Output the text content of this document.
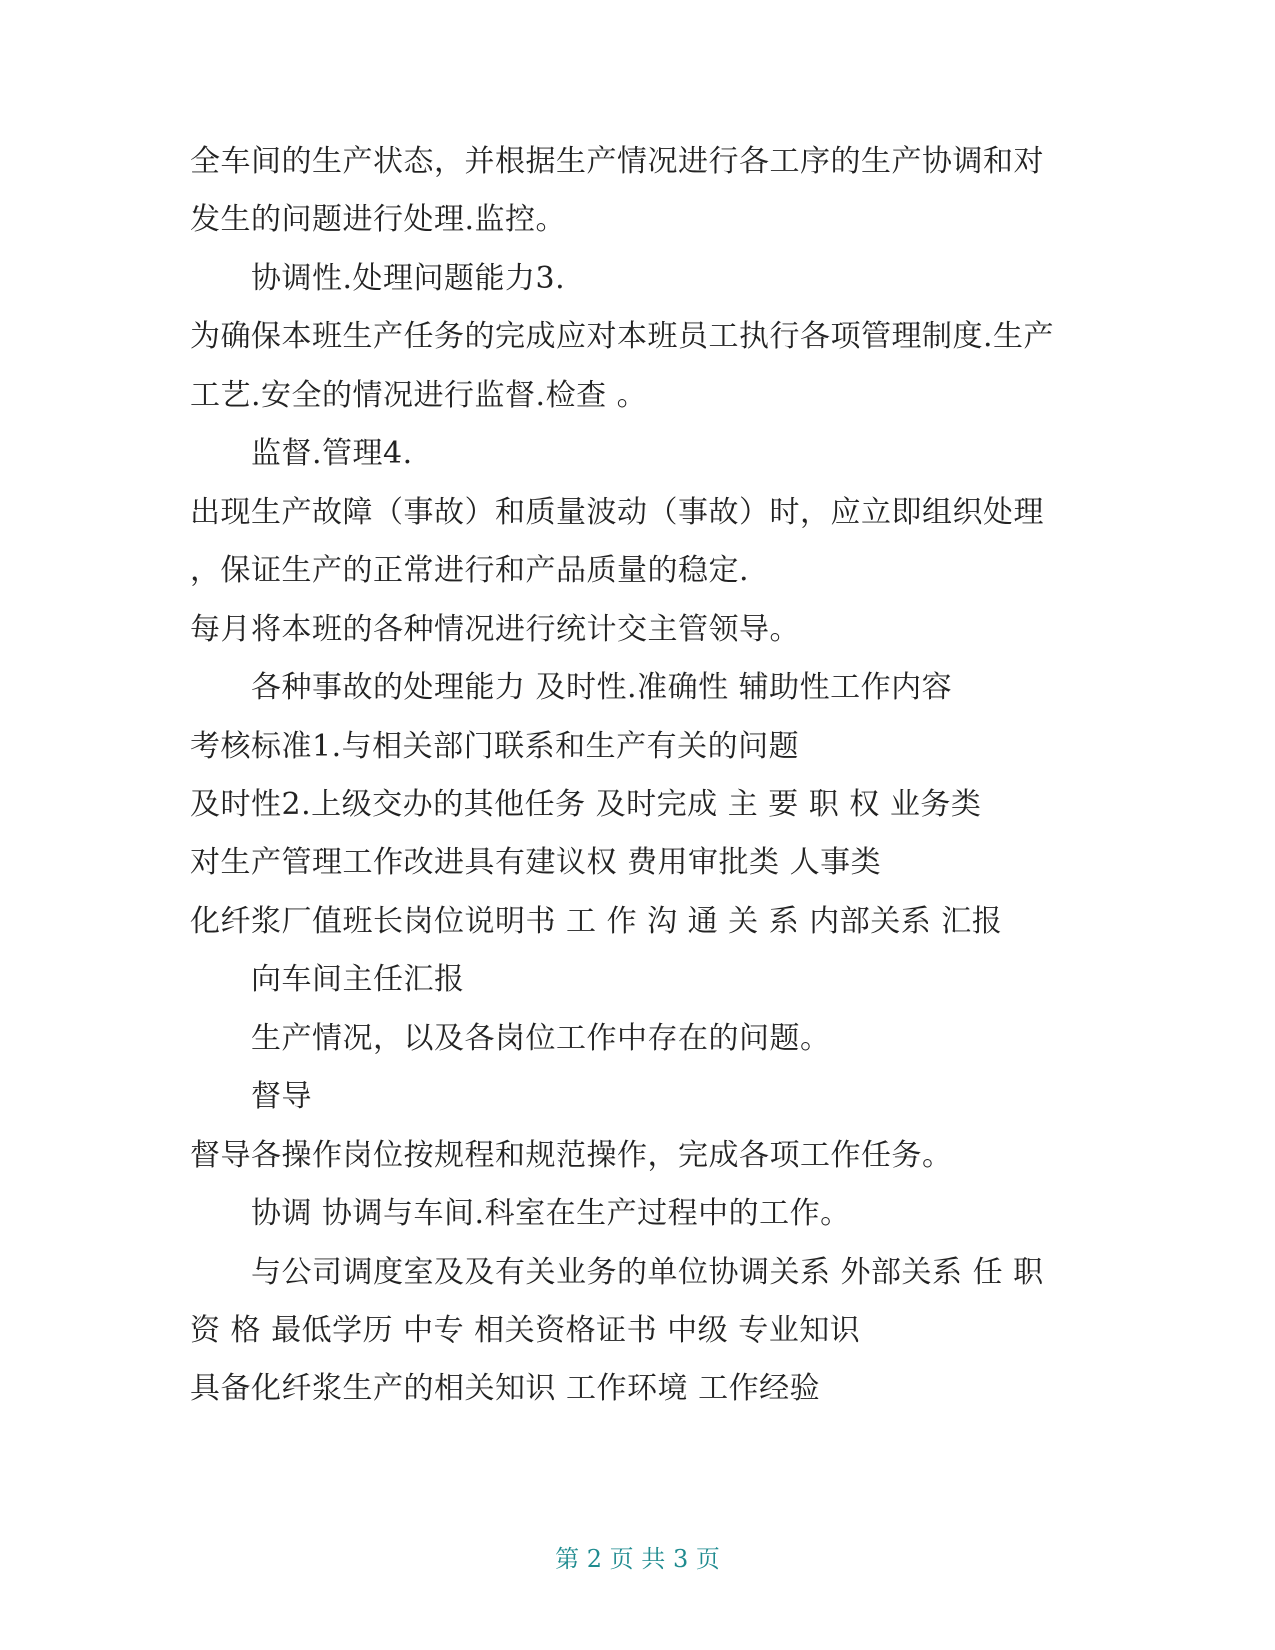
全车间的生产状态，并根据生产情况进行各工序的生产协调和对
发生的问题进行处理.监控。
协调性.处理问题能力3.
为确保本班生产任务的完成应对本班员工执行各项管理制度.生产
工艺.安全的情况进行监督.检查 。
监督.管理4.
出现生产故障（事故）和质量波动（事故）时，应立即组织处理
，保证生产的正常进行和产品质量的稳定.
每月将本班的各种情况进行统计交主管领导。
各种事故的处理能力 及时性.准确性 辅助性工作内容
考核标准1.与相关部门联系和生产有关的问题
及时性2.上级交办的其他任务 及时完成 主 要 职 权 业务类
对生产管理工作改进具有建议权 费用审批类 人事类
化纤浆厂值班长岗位说明书 工 作 沟 通 关 系 内部关系 汇报
向车间主任汇报
生产情况，以及各岗位工作中存在的问题。
督导
督导各操作岗位按规程和规范操作，完成各项工作任务。
协调 协调与车间.科室在生产过程中的工作。
与公司调度室及及有关业务的单位协调关系 外部关系 任 职
资 格 最低学历 中专 相关资格证书 中级 专业知识
具备化纤浆生产的相关知识 工作环境 工作经验
第 2 页 共 3 页
